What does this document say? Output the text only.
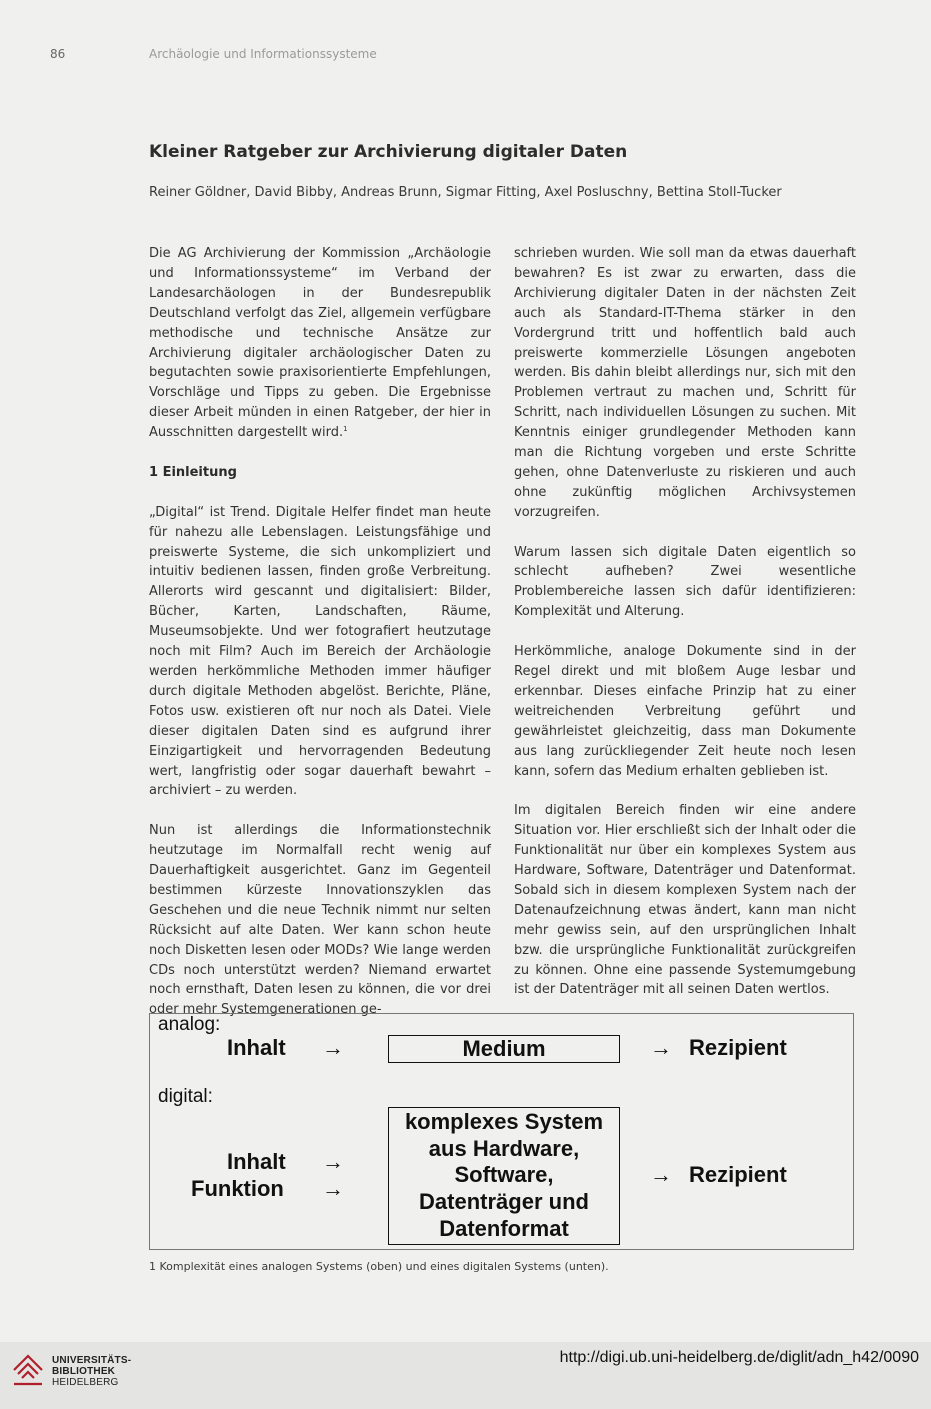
86	Archäologie und Informationssysteme
Kleiner Ratgeber zur Archivierung digitaler Daten
Reiner Göldner, David Bibby, Andreas Brunn, Sigmar Fitting, Axel Posluschny, Bettina Stoll-Tucker

Die AG Archivierung der Kommission „Archäologie und Informationssysteme“ im Verband der Landesarchäologen in der Bundesrepublik Deutschland verfolgt das Ziel, allgemein verfügbare methodische und technische Ansätze zur Archivierung digitaler archäologischer Daten zu begutachten sowie praxisorientierte Empfehlungen, Vorschläge und Tipps zu geben. Die Ergebnisse dieser Arbeit münden in einen Ratgeber, der hier in Ausschnitten dargestellt wird.$^1$

1 Einleitung

„Digital“ ist Trend. Digitale Helfer findet man heute für nahezu alle Lebenslagen. Leistungsfähige und preiswerte Systeme, die sich unkompliziert und intuitiv bedienen lassen, finden große Verbreitung. Allerorts wird gescannt und digitalisiert: Bilder, Bücher, Karten, Landschaften, Räume, Museumsobjekte. Und wer fotografiert heutzutage noch mit Film? Auch im Bereich der Archäologie werden herkömmliche Methoden immer häufiger durch digitale Methoden abgelöst. Berichte, Pläne, Fotos usw. existieren oft nur noch als Datei. Viele dieser digitalen Daten sind es aufgrund ihrer Einzigartigkeit und hervorragenden Bedeutung wert, langfristig oder sogar dauerhaft bewahrt – archiviert – zu werden.

Nun ist allerdings die Informationstechnik heutzutage im Normalfall recht wenig auf Dauerhaftigkeit ausgerichtet. Ganz im Gegenteil bestimmen kürzeste Innovationszyklen das Geschehen und die neue Technik nimmt nur selten Rücksicht auf alte Daten. Wer kann schon heute noch Disketten lesen oder MODs? Wie lange werden CDs noch unterstützt werden? Niemand erwartet noch ernsthaft, Daten lesen zu können, die vor drei oder mehr Systemgenerationen ge-

schrieben wurden. Wie soll man da etwas dauerhaft bewahren? Es ist zwar zu erwarten, dass die Archivierung digitaler Daten in der nächsten Zeit auch als Standard-IT-Thema stärker in den Vordergrund tritt und hoffentlich bald auch preiswerte kommerzielle Lösungen angeboten werden. Bis dahin bleibt allerdings nur, sich mit den Problemen vertraut zu machen und, Schritt für Schritt, nach individuellen Lösungen zu suchen. Mit Kenntnis einiger grundlegender Methoden kann man die Richtung vorgeben und erste Schritte gehen, ohne Datenverluste zu riskieren und auch ohne zukünftig möglichen Archivsystemen vorzugreifen.

Warum lassen sich digitale Daten eigentlich so schlecht aufheben? Zwei wesentliche Problembereiche lassen sich dafür identifizieren: Komplexität und Alterung.

Herkömmliche, analoge Dokumente sind in der Regel direkt und mit bloßem Auge lesbar und erkennbar. Dieses einfache Prinzip hat zu einer weitreichenden Verbreitung geführt und gewährleistet gleichzeitig, dass man Dokumente aus lang zurückliegender Zeit heute noch lesen kann, sofern das Medium erhalten geblieben ist.

Im digitalen Bereich finden wir eine andere Situation vor. Hier erschließt sich der Inhalt oder die Funktionalität nur über ein komplexes System aus Hardware, Software, Datenträger und Datenformat. Sobald sich in diesem komplexen System nach der Datenaufzeichnung etwas ändert, kann man nicht mehr gewiss sein, auf den ursprünglichen Inhalt bzw. die ursprüngliche Funktionalität zurückgreifen zu können. Ohne eine passende Systemumgebung ist der Datenträger mit all seinen Daten wertlos.

analog:
Inhalt →	Medium	→ Rezipient
digital:
Inhalt →
Funktion →
komplexes System
aus Hardware,
Software,
Datenträger und
Datenformat
→ Rezipient
1 Komplexität eines analogen Systems (oben) und eines digitalen Systems (unten).
UNIVERSITÄTS-
BIBLIOTHEK
HEIDELBERG
http://digi.ub.uni-heidelberg.de/diglit/adn_h42/0090
